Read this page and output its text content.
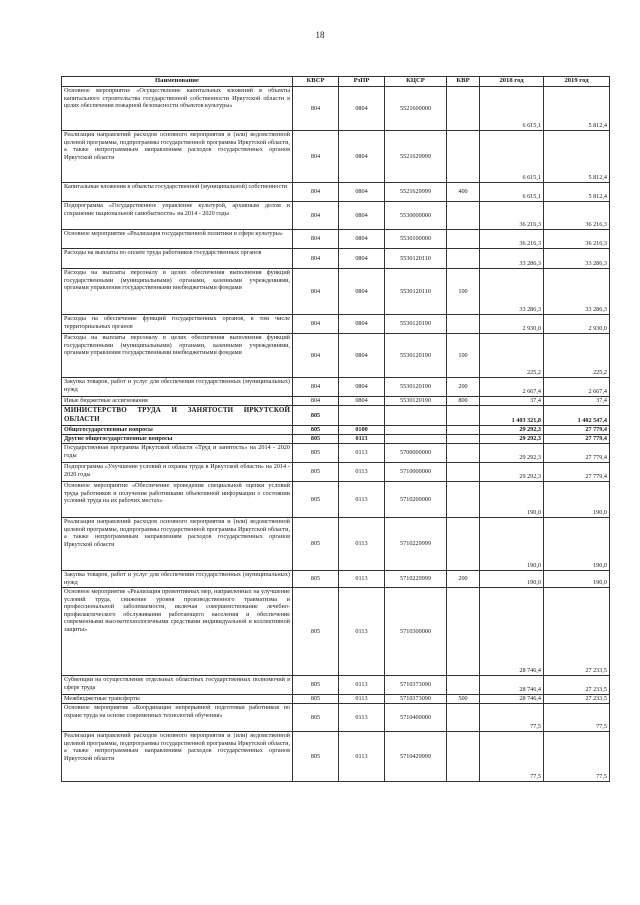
18
Наименование	КВСР	РзПР	КЦСР	КВР	2018 год	2019 год
Основное мероприятие «Осуществление капитальных вложений в объекты капитального строительства государственной собственности Иркутской области в целях обеспечения пожарной безопасности объектов культуры»	804	0804	5521600000		6 615,1	5 812,4
Реализация направлений расходов основного мероприятия и (или) ведомственной целевой программы, подпрограммы государственной программы Иркутской области, а также непрограммным направлениям расходов государственных органов Иркутской области	804	0804	5521629999		6 615,1	5 812,4
Капитальные вложения в объекты государственной (муниципальной) собственности	804	0804	5521629999	400	6 615,1	5 812,4
Подпрограмма «Государственное управление культурой, архивным делом и сохранение национальной самобытности» на 2014 - 2020 годы	804	0804	5530000000		36 216,3	36 216,3
Основное мероприятие «Реализация государственной политики в сфере культуры»	804	0804	5530100000		36 216,3	36 216,3
Расходы на выплаты по оплате труда работников государственных органов	804	0804	5530120110		33 286,3	33 286,3
Расходы на выплаты персоналу в целях обеспечения выполнения функций государственными (муниципальными) органами, казенными учреждениями, органами управления государственными внебюджетными фондами	804	0804	5530120110	100	33 286,3	33 286,3
Расходы на обеспечение функций государственных органов, в том числе территориальных органов	804	0804	5530120190		2 930,0	2 930,0
Расходы на выплаты персоналу в целях обеспечения выполнения функций государственными (муниципальными) органами, казенными учреждениями, органами управления государственными внебюджетными фондами	804	0804	5530120190	100	225,2	225,2
Закупка товаров, работ и услуг для обеспечения государственных (муниципальных) нужд	804	0804	5530120190	200	2 667,4	2 667,4
Иные бюджетные ассигнования	804	0804	5530120190	800	37,4	37,4
МИНИСТЕРСТВО ТРУДА И ЗАНЯТОСТИ ИРКУТСКОЙ ОБЛАСТИ	805				1 403 321,8	1 402 547,4
Общегосударственные вопросы	805	0100			29 292,3	27 779,4
Другие общегосударственные вопросы	805	0113			29 292,3	27 779,4
Государственная программа Иркутской области «Труд и занятость» на 2014 - 2020 годы	805	0113	5700000000		29 292,3	27 779,4
Подпрограмма «Улучшение условий и охраны труда в Иркутской области» на 2014 - 2020 годы	805	0113	5710000000		29 292,3	27 779,4
Основное мероприятие «Обеспечение проведения специальной оценки условий труда работников и получения работниками объективной информации о состоянии условий труда на их рабочих местах»	805	0113	5710200000		190,0	190,0
Реализация направлений расходов основного мероприятия и (или) ведомственной целевой программы, подпрограммы государственной программы Иркутской области, а также непрограммным направлениям расходов государственных органов Иркутской области	805	0113	5710229999		190,0	190,0
Закупка товаров, работ и услуг для обеспечения государственных (муниципальных) нужд	805	0113	5710229999	200	190,0	190,0
Основное мероприятие «Реализация превентивных мер, направленных на улучшение условий труда, снижение уровня производственного травматизма и профессиональной заболеваемости, включая совершенствование лечебно-профилактического обслуживания работающего населения и обеспечение современными высокотехнологичными средствами индивидуальной и коллективной защиты»	805	0113	5710300000		28 746,4	27 233,5
Субвенции на осуществление отдельных областных государственных полномочий в сфере труда	805	0113	5710373090		28 746,4	27 233,5
Межбюджетные трансферты	805	0113	5710373090	500	28 746,4	27 233,5
Основное мероприятие «Координация непрерывной подготовки работников по охране труда на основе современных технологий обучения»	805	0113	5710400000		77,5	77,5
Реализация направлений расходов основного мероприятия и (или) ведомственной целевой программы, подпрограммы государственной программы Иркутской области, а также непрограммным направлениям расходов государственных органов Иркутской области	805	0113	5710429999		77,5	77,5
